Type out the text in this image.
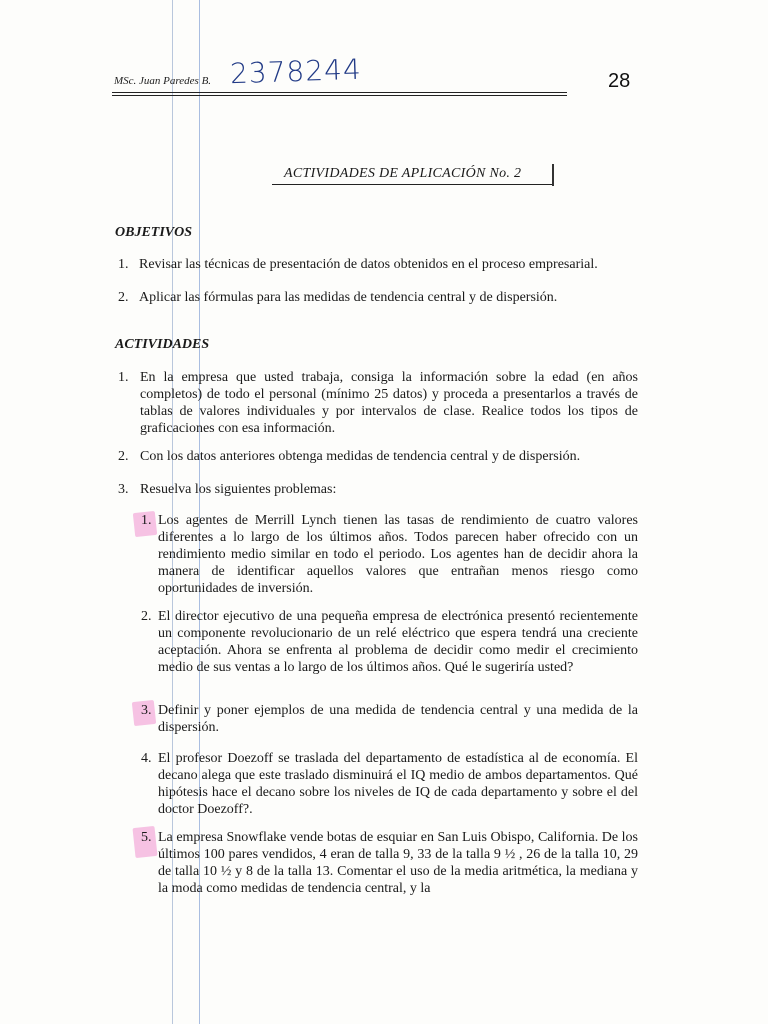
MSc. Juan Paredes B. 2378244	28
ACTIVIDADES DE APLICACIÓN No. 2
OBJETIVOS
1. Revisar las técnicas de presentación de datos obtenidos en el proceso empresarial.
2. Aplicar las fórmulas para las medidas de tendencia central y de dispersión.
ACTIVIDADES
1. En la empresa que usted trabaja, consiga la información sobre la edad (en años completos) de todo el personal (mínimo 25 datos) y proceda a presentarlos a través de tablas de valores individuales y por intervalos de clase. Realice todos los tipos de graficaciones con esa información.
2. Con los datos anteriores obtenga medidas de tendencia central y de dispersión.
3. Resuelva los siguientes problemas:
1. Los agentes de Merrill Lynch tienen las tasas de rendimiento de cuatro valores diferentes a lo largo de los últimos años. Todos parecen haber ofrecido con un rendimiento medio similar en todo el periodo. Los agentes han de decidir ahora la manera de identificar aquellos valores que entrañan menos riesgo como oportunidades de inversión.
2. El director ejecutivo de una pequeña empresa de electrónica presentó recientemente un componente revolucionario de un relé eléctrico que espera tendrá una creciente aceptación. Ahora se enfrenta al problema de decidir como medir el crecimiento medio de sus ventas a lo largo de los últimos años. Qué le sugeriría usted?
3. Definir y poner ejemplos de una medida de tendencia central y una medida de la dispersión.
4. El profesor Doezoff se traslada del departamento de estadística al de economía. El decano alega que este traslado disminuirá el IQ medio de ambos departamentos. Qué hipótesis hace el decano sobre los niveles de IQ de cada departamento y sobre el del doctor Doezoff?.
5. La empresa Snowflake vende botas de esquiar en San Luis Obispo, California. De los últimos 100 pares vendidos, 4 eran de talla 9, 33 de la talla 9 ½ , 26 de la talla 10, 29 de talla 10 ½ y 8 de la talla 13. Comentar el uso de la media aritmética, la mediana y la moda como medidas de tendencia central, y la
